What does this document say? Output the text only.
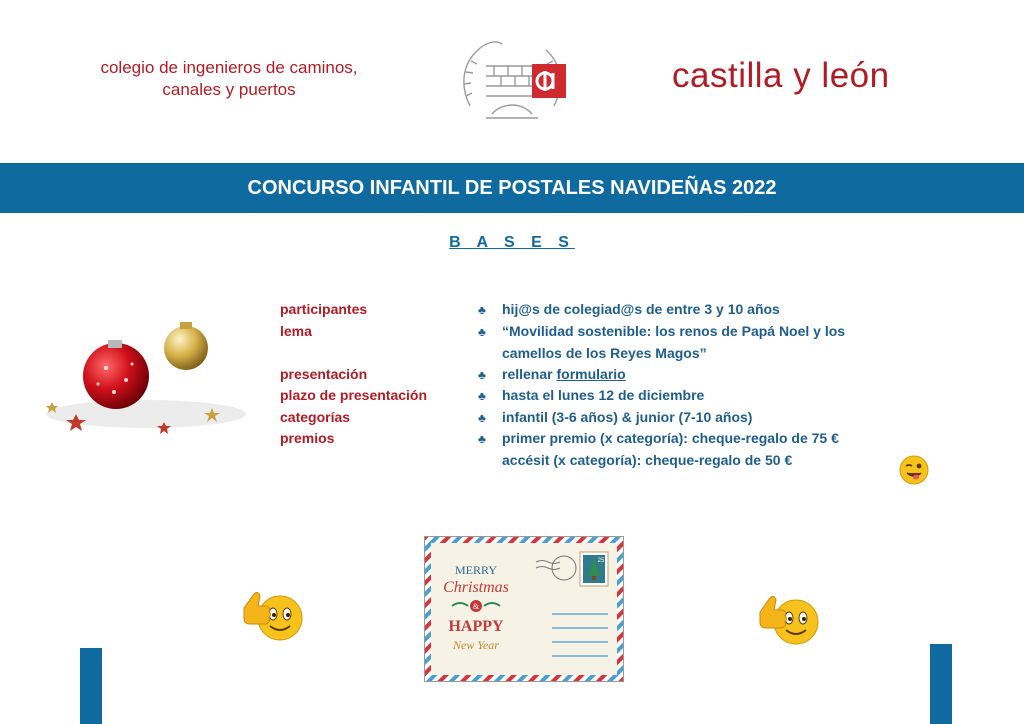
colegio de ingenieros de caminos,
canales y puertos	castilla y león
CONCURSO INFANTIL DE POSTALES NAVIDEÑAS 2022
B A S E S
participantes	♣ hij@s de colegiad@s de entre 3 y 10 años
lema	♣ “Movilidad sostenible: los renos de Papá Noel y los
camellos de los Reyes Magos”
presentación	♣ rellenar formulario
plazo de presentación	♣ hasta el lunes 12 de diciembre
categorías	♣ infantil (3-6 años) & junior (7-10 años)
premios	♣ primer premio (x categoría): cheque-regalo de 75 €
accésit (x categoría): cheque-regalo de 50 €
MERRY
Christmas
&
HAPPY
New Year
25
